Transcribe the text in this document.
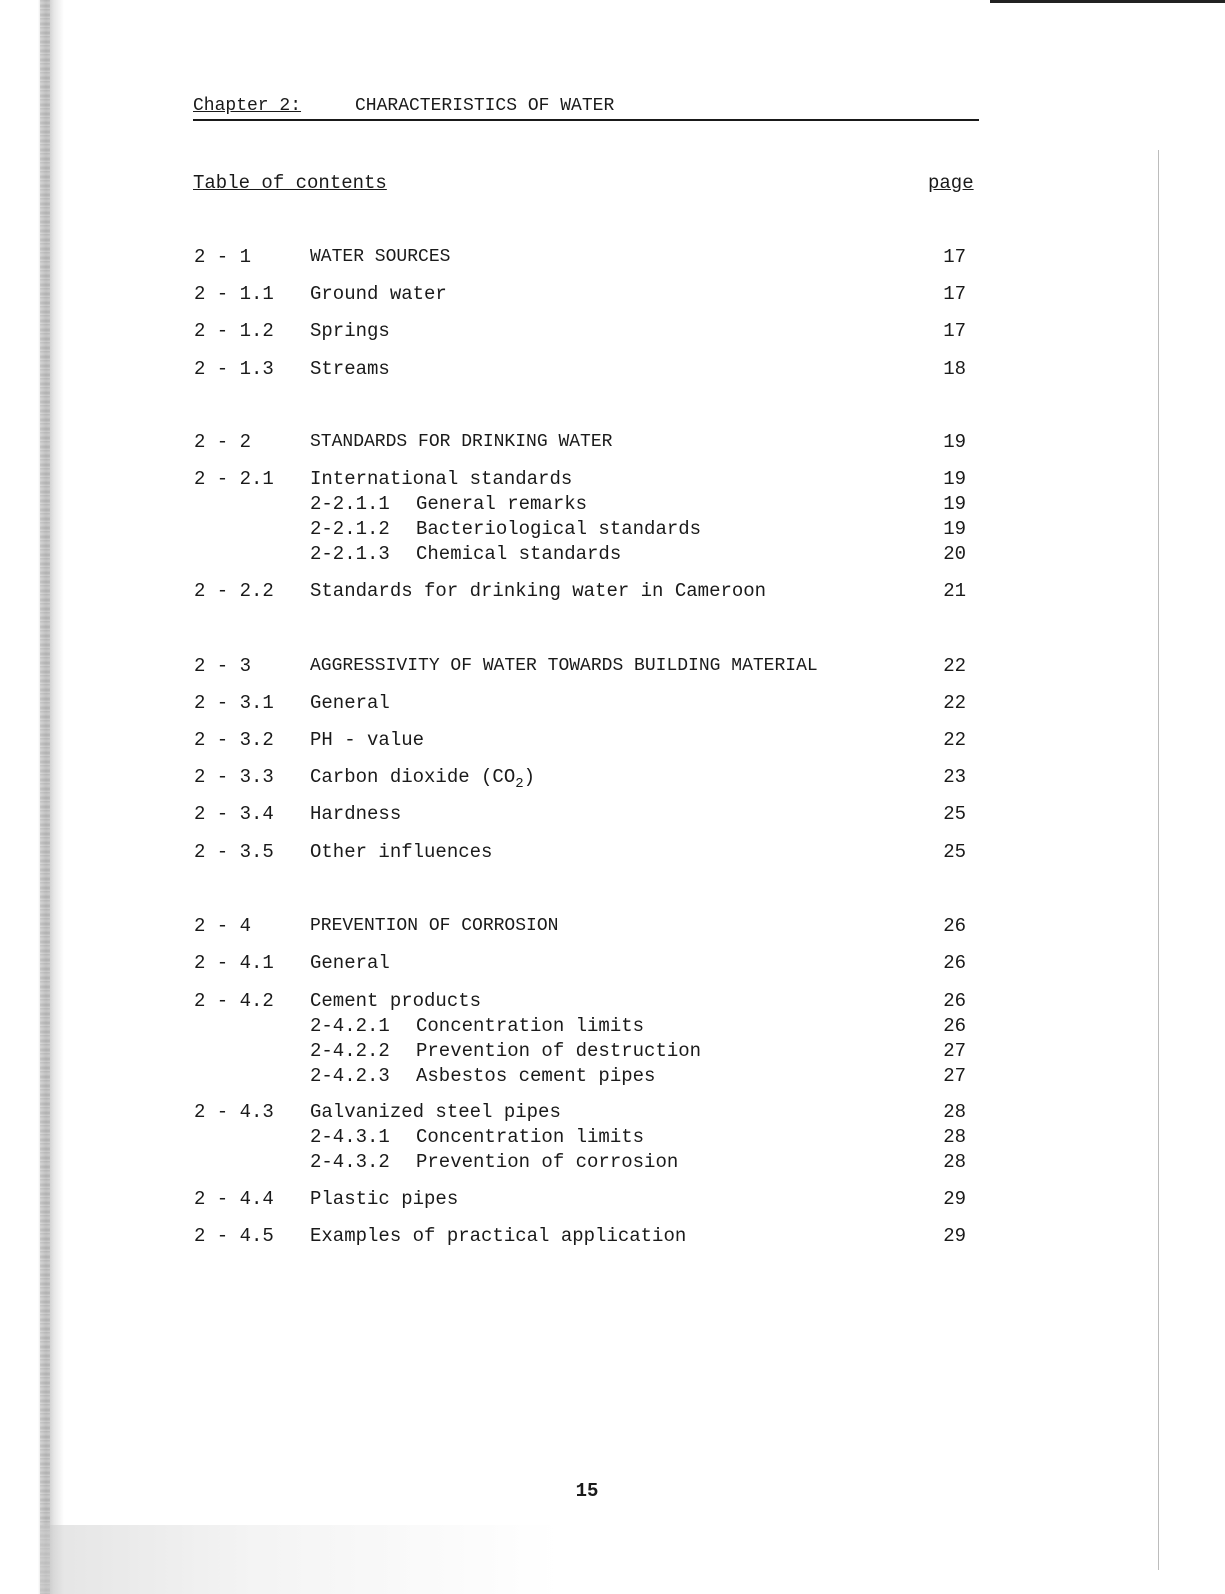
Chapter 2:	CHARACTERISTICS OF WATER
Table of contents	page
2 - 1	WATER SOURCES	17
2 - 1.1 Ground water	17
2 - 1.2 Springs	17
2 - 1.3 Streams	18
2 - 2	STANDARDS FOR DRINKING WATER	19
2 - 2.1 International standards	19
2-2.1.1 General remarks	19
2-2.1.2 Bacteriological standards	19
2-2.1.3 Chemical standards	20
2 - 2.2 Standards for drinking water in Cameroon	21
2 - 3	AGGRESSIVITY OF WATER TOWARDS BUILDING MATERIAL	22
2 - 3.1 General	22
2 - 3.2 PH - value	22
2 - 3.3 Carbon dioxide $(CO_2)$	23
2 - 3.4 Hardness	25
2 - 3.5 Other influences	25
2 - 4	PREVENTION OF CORROSION	26
2 - 4.1 General	26
2 - 4.2 Cement products	26
2-4.2.1 Concentration limits	26
2-4.2.2 Prevention of destruction	27
2-4.2.3 Asbestos cement pipes	27
2 - 4.3 Galvanized steel pipes	28
2-4.3.1 Concentration limits	28
2-4.3.2 Prevention of corrosion	28
2 - 4.4 Plastic pipes	29
2 - 4.5 Examples of practical application	29
15
